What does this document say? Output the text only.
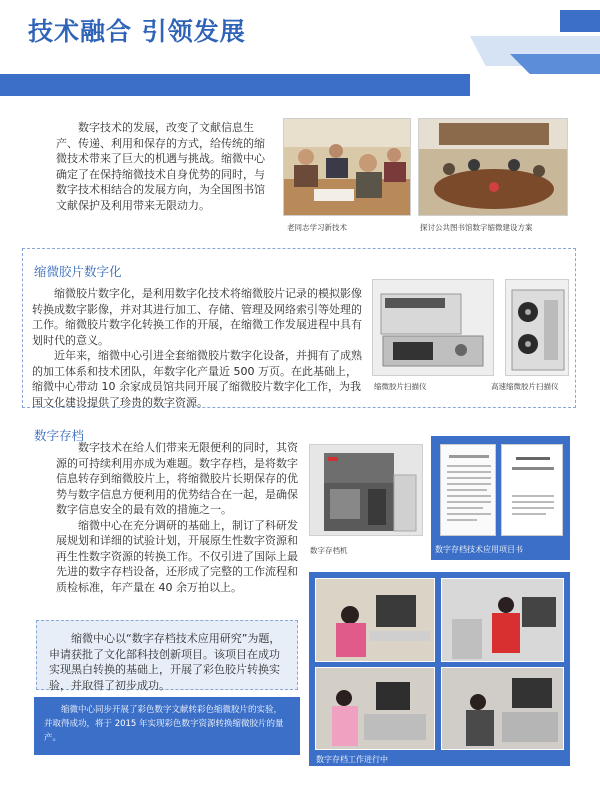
技术融合 引领发展
数字技术的发展，改变了文献信息生产、传递、利用和保存的方式，给传统的缩微技术带来了巨大的机遇与挑战。缩微中心确定了在保持缩微技术自身优势的同时，与数字技术相结合的发展方向，为全国图书馆文献保护及利用带来无限动力。
老同志学习新技术	探讨公共图书馆数字缩微建设方案
缩微胶片数字化

缩微胶片数字化，是利用数字化技术将缩微胶片记录的模拟影像转换成数字影像，并对其进行加工、存储、管理及网络索引等处理的工作。缩微胶片数字化转换工作的开展，在缩微工作发展进程中具有划时代的意义。

近年来，缩微中心引进全套缩微胶片数字化设备，并拥有了成熟的加工体系和技术团队，年数字化产量近 500 万页。在此基础上，缩微中心带动 10 余家成员馆共同开展了缩微胶片数字化工作，为我国文化建设提供了珍贵的数字资源。

缩微胶片扫描仪	高速缩微胶片扫描仪
数字存档

数字技术在给人们带来无限便利的同时，其资源的可持续利用亦成为难题。数字存档，是将数字信息转存到缩微胶片上，将缩微胶片长期保存的优势与数字信息方便利用的优势结合在一起，是确保数字信息安全的最有效的措施之一。

缩微中心在充分调研的基础上，制订了科研发展规划和详细的试验计划，开展原生性数字资源和再生性数字资源的转换工作。不仅引进了国际上最先进的数字存档设备，还形成了完整的工作流程和质检标准，年产量在 40 余万拍以上。

数字存档机	数字存档技术应用项目书
数字存档工作进行中

缩微中心以“数字存档技术应用研究”为题，申请获批了文化部科技创新项目。该项目在成功实现黑白转换的基础上，开展了彩色胶片转换实验，并取得了初步成功。

缩微中心同步开展了彩色数字文献转彩色缩微胶片的实验，并取得成功，将于 2015 年实现彩色数字资源转换缩微胶片的量产。
